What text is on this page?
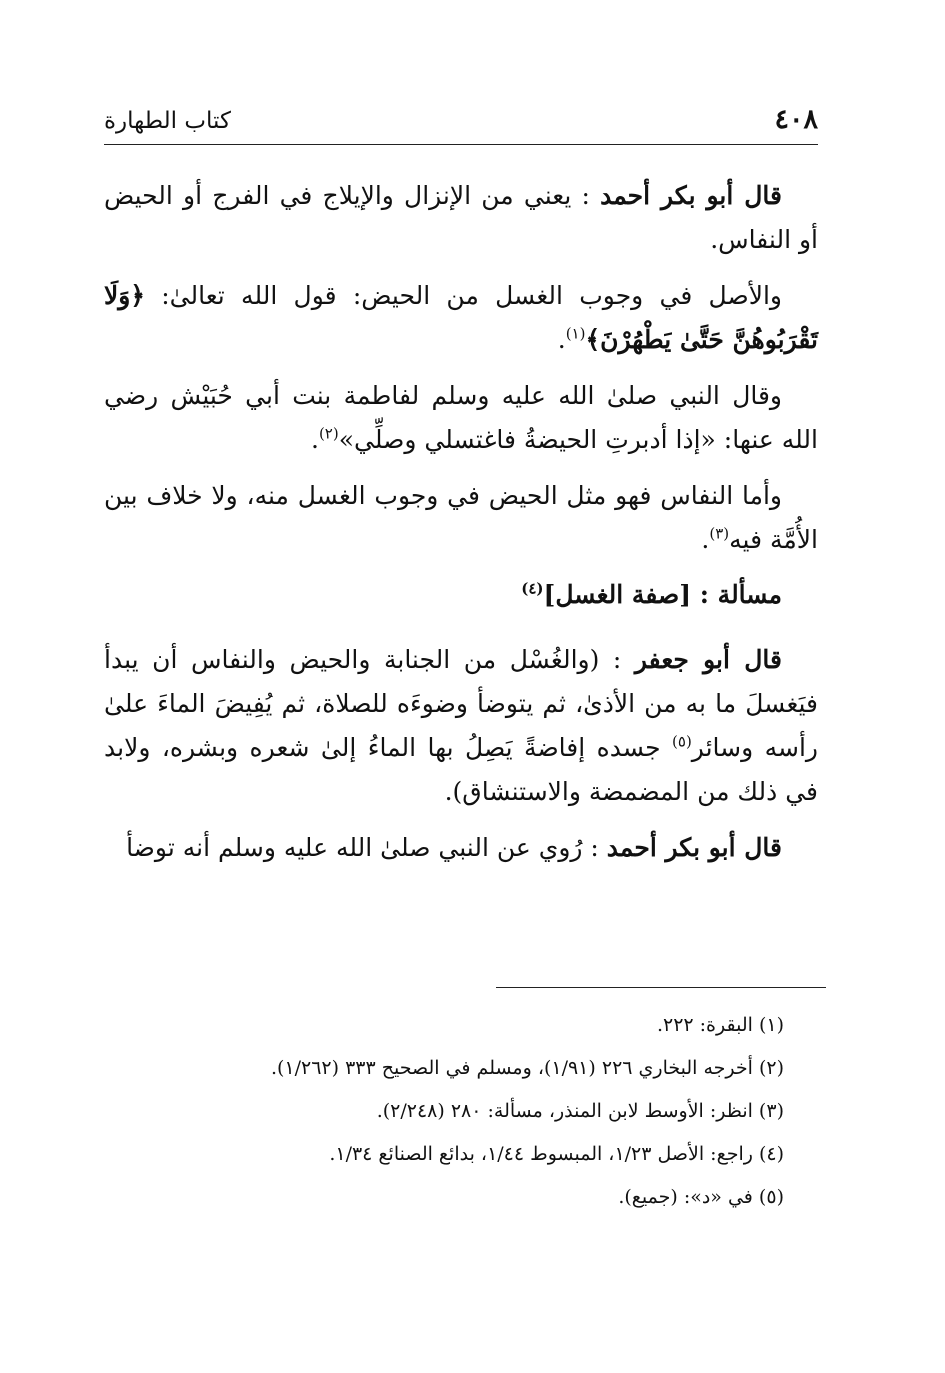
٤٠٨
كتاب الطهارة

قال أبو بكر أحمد : يعني من الإنزال والإيلاج في الفرج أو الحيض أو النفاس.

والأصل في وجوب الغسل من الحيض: قول الله تعالىٰ: ﴿وَلَا تَقْرَبُوهُنَّ حَتَّىٰ يَطْهُرْنَ﴾$^{(١)}$.

وقال النبي صلىٰ الله عليه وسلم لفاطمة بنت أبي حُبَيْش رضي الله عنها: «إذا أدبرتِ الحيضةُ فاغتسلي وصلِّي»$^{(٢)}$.

وأما النفاس فهو مثل الحيض في وجوب الغسل منه، ولا خلاف بين الأُمَّة فيه$^{(٣)}$.

مسألة : [صفة الغسل]$^{(٤)}$

قال أبو جعفر : (والغُسْل من الجنابة والحيض والنفاس أن يبدأ فيَغسلَ ما به من الأذىٰ، ثم يتوضأ وضوءَه للصلاة، ثم يُفِيضَ الماءَ علىٰ رأسه وسائر$^{(٥)}$ جسده إفاضةً يَصِلُ بها الماءُ إلىٰ شعره وبشره، ولابد في ذلك من المضمضة والاستنشاق).

قال أبو بكر أحمد : رُوي عن النبي صلىٰ الله عليه وسلم أنه توضأ

(١) البقرة: ٢٢٢.

(٢) أخرجه البخاري ٢٢٦ (١/٩١)، ومسلم في الصحيح ٣٣٣ (١/٢٦٢).

(٣) انظر: الأوسط لابن المنذر، مسألة: ٢٨٠ (٢/٢٤٨).

(٤) راجع: الأصل ١/٢٣، المبسوط ١/٤٤، بدائع الصنائع ١/٣٤.

(٥) في «د»: (جميع).
